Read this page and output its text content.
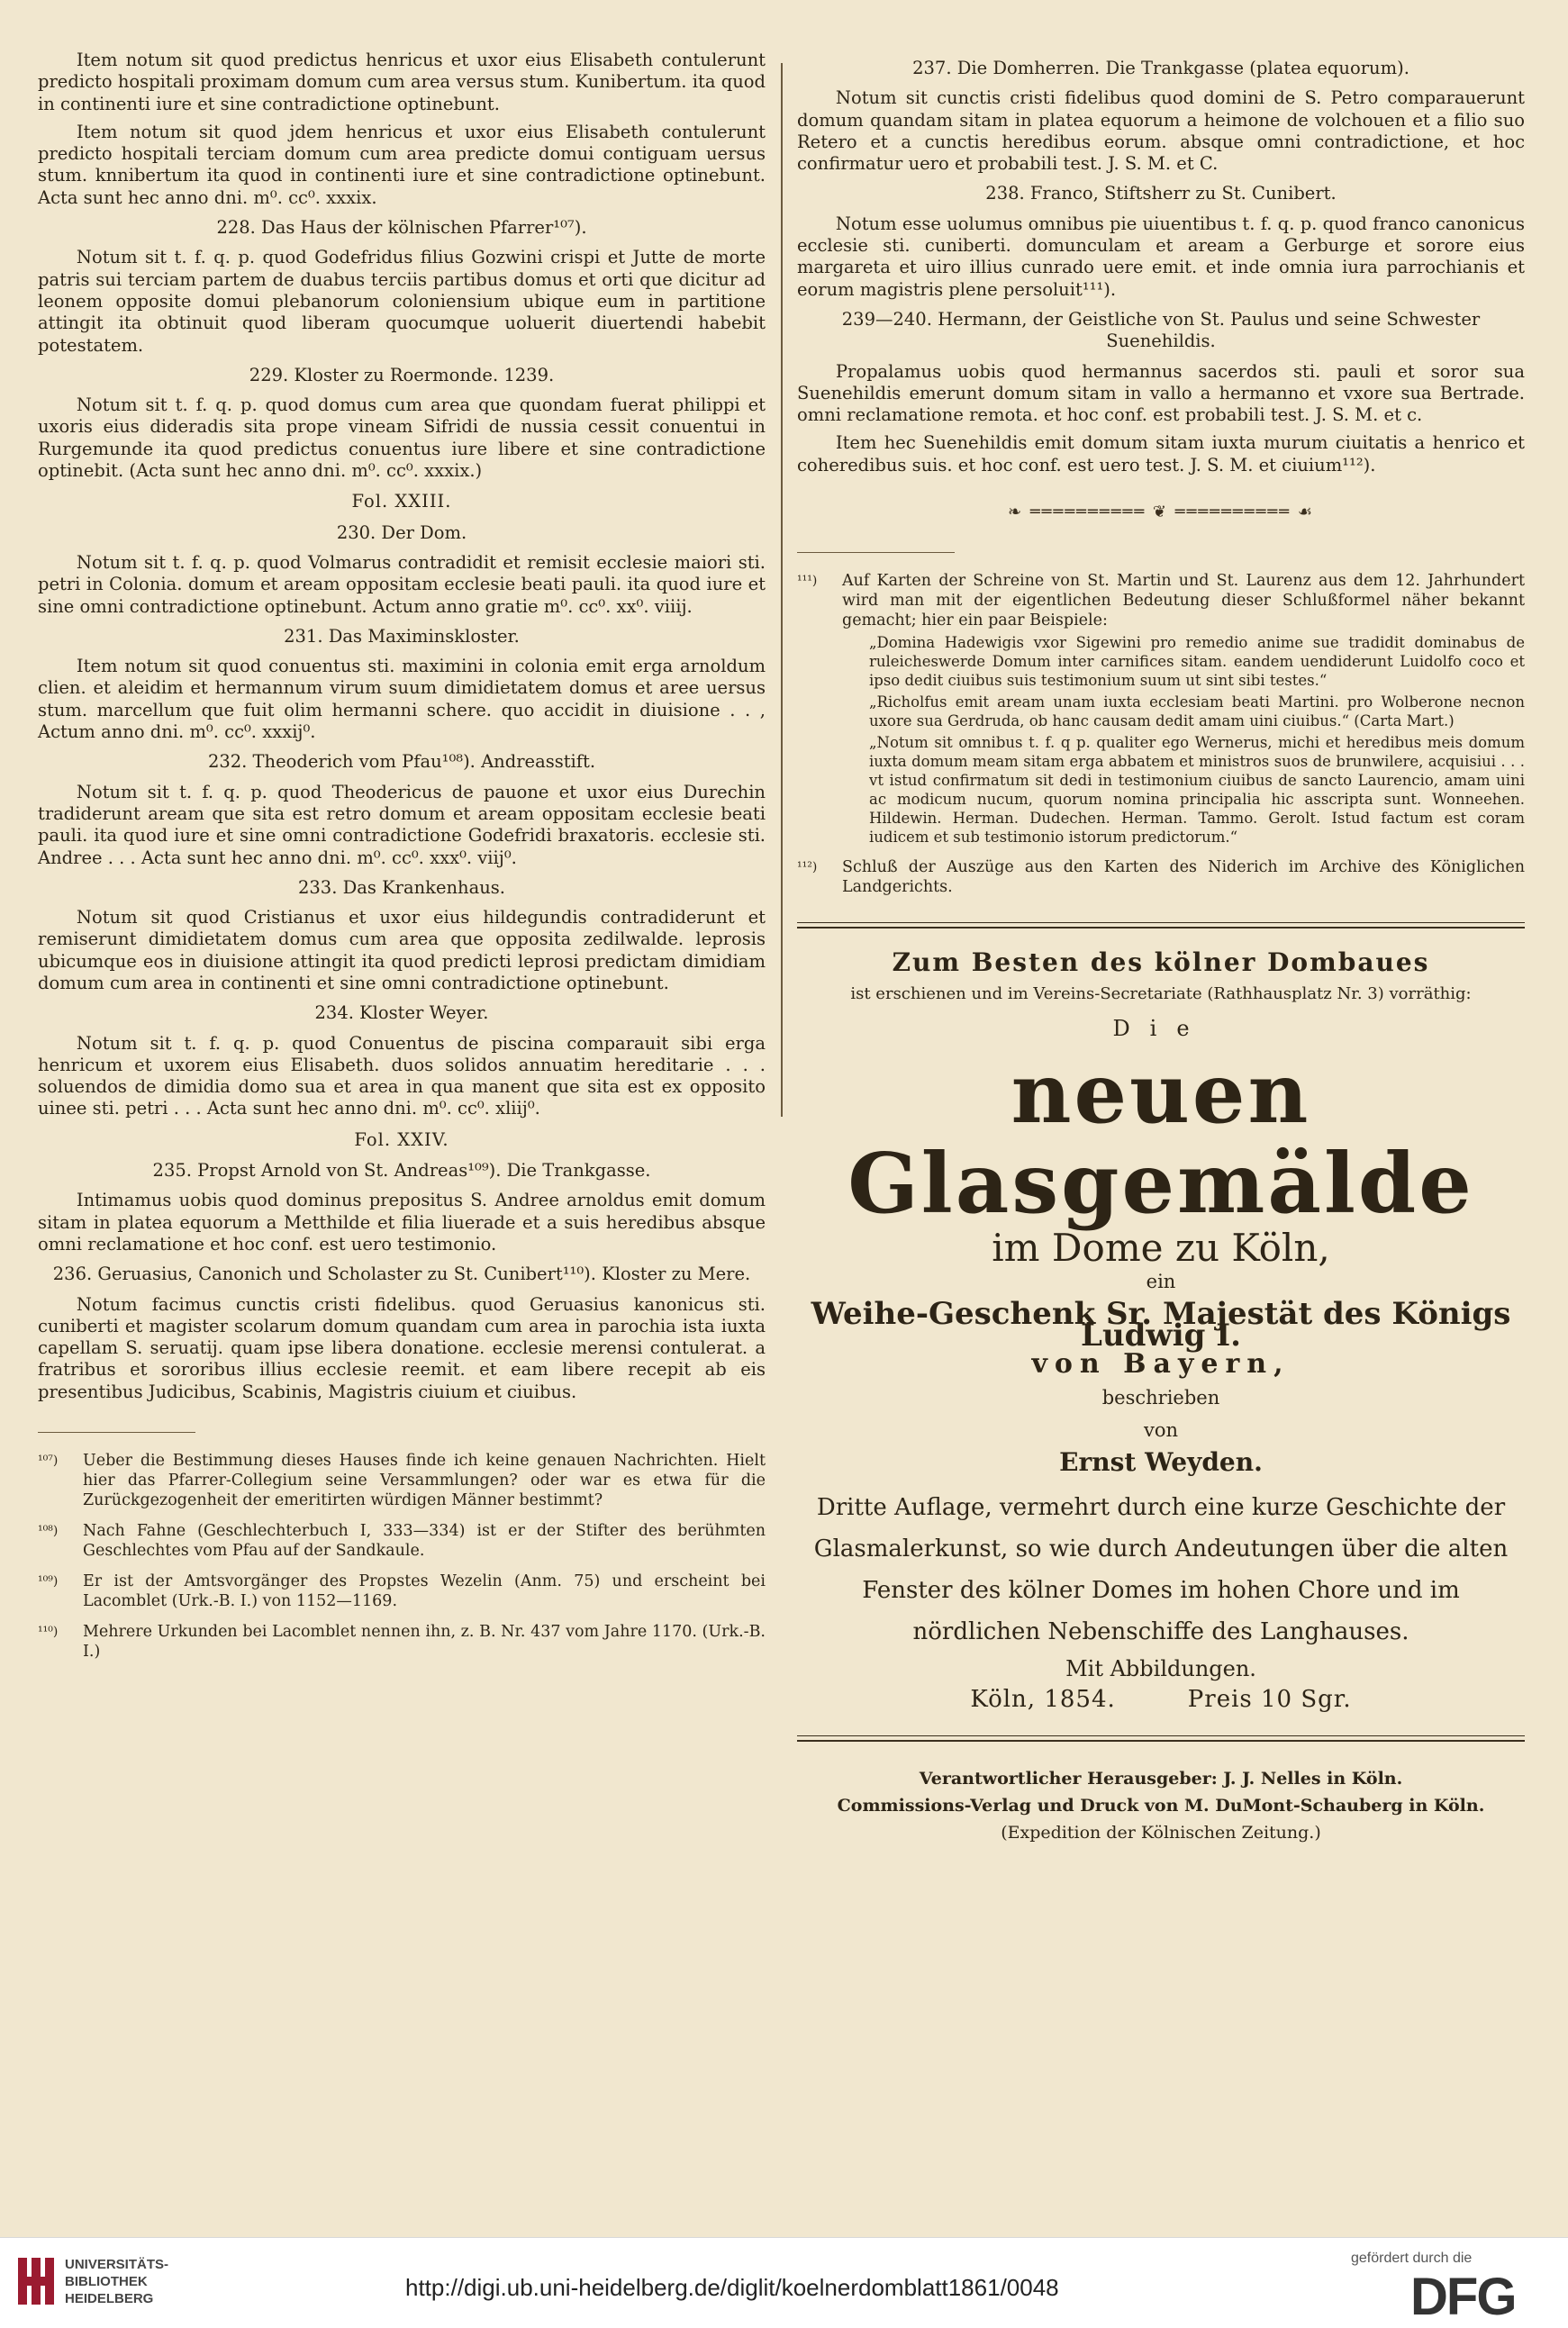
Item notum sit quod predictus henricus et uxor eius Elisabeth contulerunt predicto hospitali proximam domum cum area versus stum. Kunibertum. ita quod in continenti iure et sine contradictione optinebunt.

Item notum sit quod jdem henricus et uxor eius Elisabeth contulerunt predicto hospitali terciam domum cum area predicte domui contiguam uersus stum. knnibertum ita quod in continenti iure et sine contradictione optinebunt. Acta sunt hec anno dni. m⁰. cc⁰. xxxix.

228. Das Haus der kölnischen Pfarrer¹⁰⁷).

Notum sit t. f. q. p. quod Godefridus filius Gozwini crispi et Jutte de morte patris sui terciam partem de duabus terciis partibus domus et orti que dicitur ad leonem opposite domui plebanorum coloniensium ubique eum in partitione attingit ita obtinuit quod liberam quocumque uoluerit diuertendi habebit potestatem.

229. Kloster zu Roermonde. 1239.

Notum sit t. f. q. p. quod domus cum area que quondam fuerat philippi et uxoris eius dideradis sita prope vineam Sifridi de nussia cessit conuentui in Rurgemunde ita quod predictus conuentus iure libere et sine contradictione optinebit. (Acta sunt hec anno dni. m⁰. cc⁰. xxxix.)

Fol. XXIII.
230. Der Dom.

Notum sit t. f. q. p. quod Volmarus contradidit et remisit ecclesie maiori sti. petri in Colonia. domum et aream oppositam ecclesie beati pauli. ita quod iure et sine omni contradictione optinebunt. Actum anno gratie m⁰. cc⁰. xx⁰. viiij.

231. Das Maximinskloster.

Item notum sit quod conuentus sti. maximini in colonia emit erga arnoldum clien. et aleidim et hermannum virum suum dimidietatem domus et aree uersus stum. marcellum que fuit olim hermanni schere. quo accidit in diuisione . . , Actum anno dni. m⁰. cc⁰. xxxij⁰.

232. Theoderich vom Pfau¹⁰⁸). Andreasstift.

Notum sit t. f. q. p. quod Theodericus de pauone et uxor eius Durechin tradiderunt aream que sita est retro domum et aream oppositam ecclesie beati pauli. ita quod iure et sine omni contradictione Godefridi braxatoris. ecclesie sti. Andree . . . Acta sunt hec anno dni. m⁰. cc⁰. xxx⁰. viij⁰.

233. Das Krankenhaus.

Notum sit quod Cristianus et uxor eius hildegundis contradiderunt et remiserunt dimidietatem domus cum area que opposita zedilwalde. leprosis ubicumque eos in diuisione attingit ita quod predicti leprosi predictam dimidiam domum cum area in continenti et sine omni contradictione optinebunt.

234. Kloster Weyer.

Notum sit t. f. q. p. quod Conuentus de piscina comparauit sibi erga henricum et uxorem eius Elisabeth. duos solidos annuatim hereditarie . . . soluendos de dimidia domo sua et area in qua manent que sita est ex opposito uinee sti. petri . . . Acta sunt hec anno dni. m⁰. cc⁰. xliij⁰.

Fol. XXIV.
235. Propst Arnold von St. Andreas¹⁰⁹). Die Trankgasse.

Intimamus uobis quod dominus prepositus S. Andree arnoldus emit domum sitam in platea equorum a Metthilde et filia liuerade et a suis heredibus absque omni reclamatione et hoc conf. est uero testimonio.

236. Geruasius, Canonich und Scholaster zu St. Cunibert¹¹⁰). Kloster zu Mere.

Notum facimus cunctis cristi fidelibus. quod Geruasius kanonicus sti. cuniberti et magister scolarum domum quandam cum area in parochia ista iuxta capellam S. seruatij. quam ipse libera donatione. ecclesie merensi contulerat. a fratribus et sororibus illius ecclesie reemit. et eam libere recepit ab eis presentibus Judicibus, Scabinis, Magistris ciuium et ciuibus.

¹⁰⁷) Ueber die Bestimmung dieses Hauses finde ich keine genauen Nachrichten. Hielt hier das Pfarrer-Collegium seine Versammlungen? oder war es etwa für die Zurückgezogenheit der emeritirten würdigen Männer bestimmt?
¹⁰⁸) Nach Fahne (Geschlechterbuch I, 333—334) ist er der Stifter des berühmten Geschlechtes vom Pfau auf der Sandkaule.
¹⁰⁹) Er ist der Amtsvorgänger des Propstes Wezelin (Anm. 75) und erscheint bei Lacomblet (Urk.-B. I.) von 1152—1169.
¹¹⁰) Mehrere Urkunden bei Lacomblet nennen ihn, z. B. Nr. 437 vom Jahre 1170. (Urk.-B. I.)
237. Die Domherren. Die Trankgasse (platea equorum).

Notum sit cunctis cristi fidelibus quod domini de S. Petro comparauerunt domum quandam sitam in platea equorum a heimone de volchouen et a filio suo Retero et a cunctis heredibus eorum. absque omni contradictione, et hoc confirmatur uero et probabili test. J. S. M. et C.

238. Franco, Stiftsherr zu St. Cunibert.

Notum esse uolumus omnibus pie uiuentibus t. f. q. p. quod franco canonicus ecclesie sti. cuniberti. domunculam et aream a Gerburge et sorore eius margareta et uiro illius cunrado uere emit. et inde omnia iura parrochianis et eorum magistris plene persoluit¹¹¹).

239—240. Hermann, der Geistliche von St. Paulus und seine Schwester Suenehildis.

Propalamus uobis quod hermannus sacerdos sti. pauli et soror sua Suenehildis emerunt domum sitam in vallo a hermanno et vxore sua Bertrade. omni reclamatione remota. et hoc conf. est probabili test. J. S. M. et c.

Item hec Suenehildis emit domum sitam iuxta murum ciuitatis a henrico et coheredibus suis. et hoc conf. est uero test. J. S. M. et ciuium¹¹²).

❧ ══════════ ❦ ══════════ ☙
¹¹¹) Auf Karten der Schreine von St. Martin und St. Laurenz aus dem 12. Jahrhundert wird man mit der eigentlichen Bedeutung dieser Schlußformel näher bekannt gemacht; hier ein paar Beispiele:
„Domina Hadewigis vxor Sigewini pro remedio anime sue tradidit dominabus de ruleicheswerde Domum inter carnifices sitam. eandem uendiderunt Luidolfo coco et ipso dedit ciuibus suis testimonium suum ut sint sibi testes.“
„Richolfus emit aream unam iuxta ecclesiam beati Martini. pro Wolberone necnon uxore sua Gerdruda, ob hanc causam dedit amam uini ciuibus.“ (Carta Mart.)
„Notum sit omnibus t. f. q p. qualiter ego Wernerus, michi et heredibus meis domum iuxta domum meam sitam erga abbatem et ministros suos de brunwilere, acquisiui . . . vt istud confirmatum sit dedi in testimonium ciuibus de sancto Laurencio, amam uini ac modicum nucum, quorum nomina principalia hic asscripta sunt. Wonneehen. Hildewin. Herman. Dudechen. Herman. Tammo. Gerolt. Istud factum est coram iudicem et sub testimonio istorum predictorum.“
¹¹²) Schluß der Auszüge aus den Karten des Niderich im Archive des Königlichen Landgerichts.
Zum Besten des kölner Dombaues
ist erschienen und im Vereins-Secretariate (Rathhausplatz Nr. 3) vorräthig:
Die
neuen Glasgemälde
im Dome zu Köln,
ein
Weihe-Geschenk Sr. Majestät des Königs Ludwig I.
von Bayern,
beschrieben
von
Ernst Weyden.
Dritte Auflage, vermehrt durch eine kurze Geschichte der Glasmalerkunst, so wie durch Andeutungen über die alten Fenster des kölner Domes im hohen Chore und im nördlichen Nebenschiffe des Langhauses.
Mit Abbildungen.
Köln, 1854.	Preis 10 Sgr.
Verantwortlicher Herausgeber: J. J. Nelles in Köln.
Commissions-Verlag und Druck von M. DuMont-Schauberg in Köln.
(Expedition der Kölnischen Zeitung.)
UNIVERSITÄTS-
BIBLIOTHEK
HEIDELBERG	http://digi.ub.uni-heidelberg.de/diglit/koelnerdomblatt1861/0048
gefördert durch die
DFG
